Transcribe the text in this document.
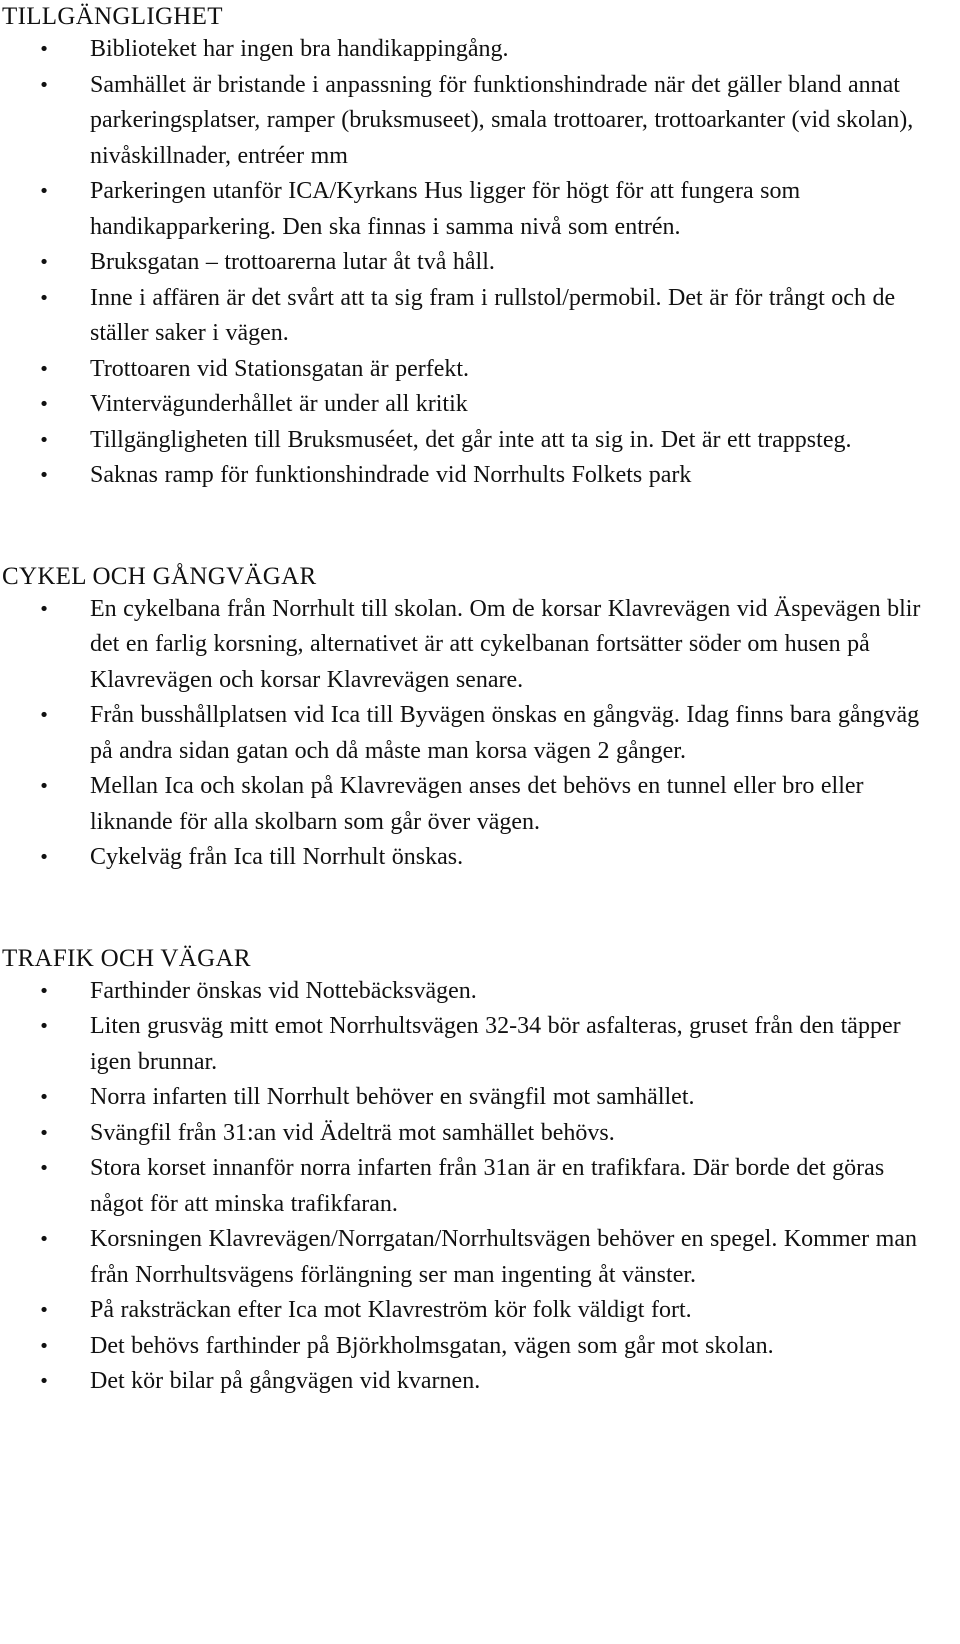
TILLGÄNGLIGHET
• Biblioteket har ingen bra handikappingång.
• Samhället är bristande i anpassning för funktionshindrade när det gäller bland annat parkeringsplatser, ramper (bruksmuseet), smala trottoarer, trottoarkanter (vid skolan), nivåskillnader, entréer mm
• Parkeringen utanför ICA/Kyrkans Hus ligger för högt för att fungera som handikapparkering. Den ska finnas i samma nivå som entrén.
• Bruksgatan – trottoarerna lutar åt två håll.
• Inne i affären är det svårt att ta sig fram i rullstol/permobil. Det är för trångt och de ställer saker i vägen.
• Trottoaren vid Stationsgatan är perfekt.
• Vintervägunderhållet är under all kritik
• Tillgängligheten till Bruksmuséet, det går inte att ta sig in. Det är ett trappsteg.
• Saknas ramp för funktionshindrade vid Norrhults Folkets park
CYKEL OCH GÅNGVÄGAR
• En cykelbana från Norrhult till skolan. Om de korsar Klavrevägen vid Äspevägen blir det en farlig korsning, alternativet är att cykelbanan fortsätter söder om husen på Klavrevägen och korsar Klavrevägen senare.
• Från busshållplatsen vid Ica till Byvägen önskas en gångväg. Idag finns bara gångväg på andra sidan gatan och då måste man korsa vägen 2 gånger.
• Mellan Ica och skolan på Klavrevägen anses det behövs en tunnel eller bro eller liknande för alla skolbarn som går över vägen.
• Cykelväg från Ica till Norrhult önskas.
TRAFIK OCH VÄGAR
• Farthinder önskas vid Nottebäcksvägen.
• Liten grusväg mitt emot Norrhultsvägen 32-34 bör asfalteras, gruset från den täpper igen brunnar.
• Norra infarten till Norrhult behöver en svängfil mot samhället.
• Svängfil från 31:an vid Ädelträ mot samhället behövs.
• Stora korset innanför norra infarten från 31an är en trafikfara. Där borde det göras något för att minska trafikfaran.
• Korsningen Klavrevägen/Norrgatan/Norrhultsvägen behöver en spegel. Kommer man från Norrhultsvägens förlängning ser man ingenting åt vänster.
• På raksträckan efter Ica mot Klavreström kör folk väldigt fort.
• Det behövs farthinder på Björkholmsgatan, vägen som går mot skolan.
• Det kör bilar på gångvägen vid kvarnen.
